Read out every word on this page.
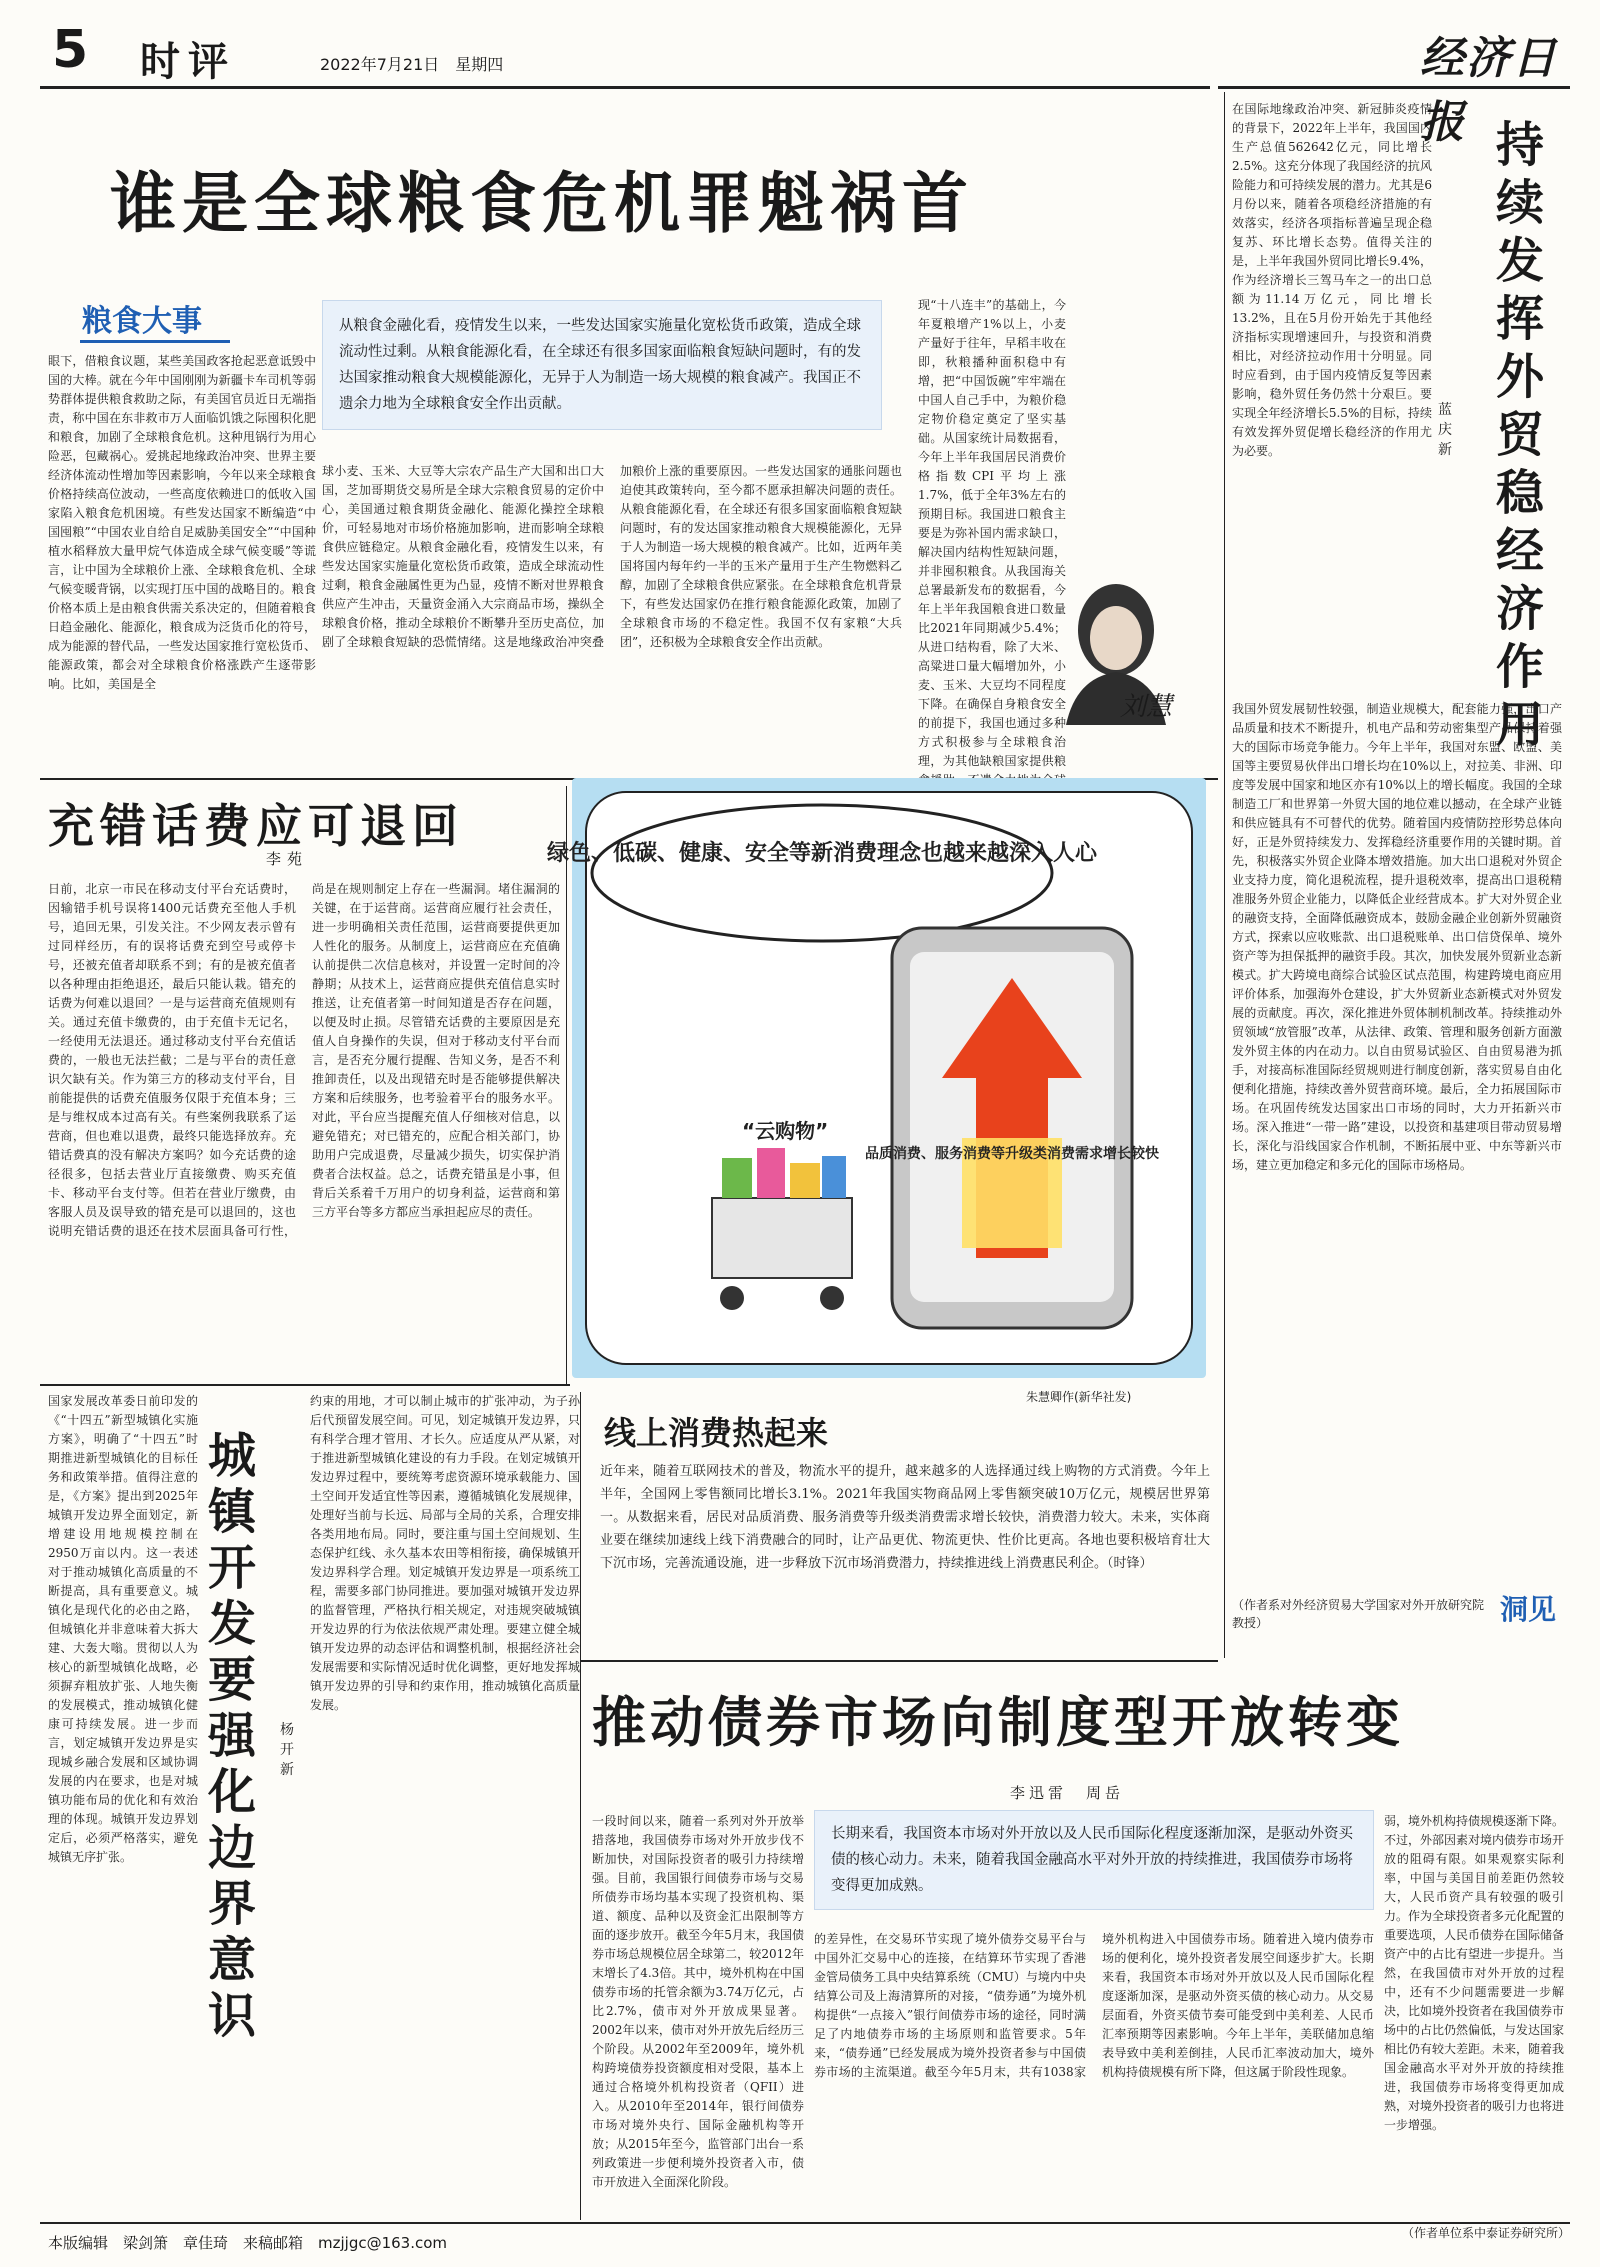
5 时评	2022年7月21日　星期四	经济日报
谁是全球粮食危机罪魁祸首
粮食大事	从粮食金融化看，疫情发生以来，一些发达国家实施量化宽松货币政策，造成全球流动性过剩。从粮食能源化看，在全球还有很多国家面临粮食短缺问题时，有的发达国家推动粮食大规模能源化，无异于人为制造一场大规模的粮食减产。我国正不遗余力地为全球粮食安全作出贡献。
眼下，借粮食议题，某些美国政客抢起恶意诋毁中国的大棒。就在今年中国刚刚为新疆卡车司机等弱势群体提供粮食救助之际，有美国官员近日无端指责，称中国在东非救市万人面临饥饿之际囤积化肥和粮食，加剧了全球粮食危机。这种甩锅行为用心险恶，包藏祸心。爱挑起地缘政治冲突、世界主要经济体流动性增加等因素影响，今年以来全球粮食价格持续高位波动，一些高度依赖进口的低收入国家陷入粮食危机困境。有些发达国家不断编造“中国囤粮”“中国农业自给自足威胁美国安全”“中国种植水稻释放大量甲烷气体造成全球气候变暖”等谎言，让中国为全球粮价上涨、全球粮食危机、全球气候变暖背锅，以实现打压中国的战略目的。粮食价格本质上是由粮食供需关系决定的，但随着粮食日趋金融化、能源化，粮食成为泛货币化的符号，成为能源的替代品，一些发达国家推行宽松货币、能源政策，都会对全球粮食价格涨跌产生逐带影响。比如，美国是全
球小麦、玉米、大豆等大宗农产品生产大国和出口大国，芝加哥期货交易所是全球大宗粮食贸易的定价中心，美国通过粮食期货金融化、能源化操控全球粮价，可轻易地对市场价格施加影响，进而影响全球粮食供应链稳定。从粮食金融化看，疫情发生以来，有些发达国家实施量化宽松货币政策，造成全球流动性过剩，粮食金融属性更为凸显，疫情不断对世界粮食供应产生冲击，天量资金涌入大宗商品市场，操纵全球粮食价格，推动全球粮价不断攀升至历史高位，加剧了全球粮食短缺的恐慌情绪。这是地缘政治冲突叠加粮价上涨的重要原因。一些发达国家的通胀问题也迫使其政策转向，至今都不愿承担解决问题的责任。从粮食能源化看，在全球还有很多国家面临粮食短缺问题时，有的发达国家推动粮食大规模能源化，无异于人为制造一场大规模的粮食减产。比如，近两年美国将国内每年约一半的玉米产量用于生产生物燃料乙醇，加剧了全球粮食供应紧张。在全球粮食危机背景下，有些发达国家仍在推行粮食能源化政策，加剧了全球粮食市场的不稳定性。我国不仅有家粮“大兵团”，还积极为全球粮食安全作出贡献。
现“十八连丰”的基础上，今年夏粮增产1%以上，小麦产量好于往年，早稻丰收在即，秋粮播种面积稳中有增，把“中国饭碗”牢牢端在中国人自己手中，为粮价稳定物价稳定奠定了坚实基础。从国家统计局数据看，今年上半年我国居民消费价格指数CPI平均上涨1.7%，低于全年3%左右的预期目标。我国进口粮食主要是为弥补国内需求缺口，解决国内结构性短缺问题，并非囤积粮食。从我国海关总署最新发布的数据看，今年上半年我国粮食进口数量比2021年同期减少5.4%；从进口结构看，除了大米、高粱进口量大幅增加外，小麦、玉米、大豆均不同程度下降。在确保自身粮食安全的前提下，我国也通过多种方式积极参与全球粮食治理，为其他缺粮国家提供粮
刘慧
充错话费应可退回
李苑
日前，北京一市民在移动支付平台充话费时，因输错手机号误将1400元话费充至他人手机号，追回无果，引发关注。不少网友表示曾有过同样经历，有的误将话费充到空号或停卡号，还被充值者却联系不到；有的是被充值者以各种理由拒绝退还，最后只能认栽。错充的话费为何难以退回？一是与运营商充值规则有关。通过充值卡缴费的，由于充值卡无记名，一经使用无法退还。通过移动支付平台充值话费的，一般也无法拦截；二是与平台的责任意识欠缺有关。作为第三方的移动支付平台，目前能提供的话费充值服务仅限于充值本身；三是与维权成本过高有关。有些案例我联系了运营商，但也难以退费，最终只能选择放弃。充错话费真的没有解决方案吗？如今充话费的途径很多，包括去营业厅直接缴费、购买充值卡、移动平台支付等。但若在营业厅缴费，由客服人员及误导致的错充是可以退回的，这也说明充错话费的退还在技术层面具备可行性，尚是在规则制定上存在一些漏洞。堵住漏洞的关键，在于运营商。运营商应履行社会责任，进一步明确相关责任范围，运营商要提供更加人性化的服务。从制度上，运营商应在充值确认前提供二次信息核对，并设置一定时间的冷静期；从技术上，运营商应提供充值信息实时推送，让充值者第一时间知道是否存在问题，以便及时止损。尽管错充话费的主要原因是充值人自身操作的失误，但对于移动支付平台而言，是否充分履行提醒、告知义务，是否不利推卸责任，以及出现错充时是否能够提供解决方案和后续服务，也考验着平台的服务水平。对此，平台应当提醒充值人仔细核对信息，以避免错充；对已错充的，应配合相关部门，协助用户完成退费，尽量减少损失，切实保护消费者合法权益。总之，话费充错虽是小事，但背后关系着千万用户的切身利益，运营商和第三方平台等多方都应当承担起应尽的责任。
绿色、低碳、健康、安全等新消费理念也越来越深入人心
品质消费、服务消费等升级类消费需求增长较快
“云购物”
朱慧卿作(新华社发)
线上消费热起来
近年来，随着互联网技术的普及，物流水平的提升，越来越多的人选择通过线上购物的方式消费。今年上半年，全国网上零售额同比增长3.1%。2021年我国实物商品网上零售额突破10万亿元，规模居世界第一。从数据来看，居民对品质消费、服务消费等升级类消费需求增长较快，消费潜力较大。未来，实体商业要在继续加速线上线下消费融合的同时，让产品更优、物流更快、性价比更高。各地也要积极培育壮大下沉市场，完善流通设施，进一步释放下沉市场消费潜力，持续推进线上消费惠民利企。（时锋）
城镇开发要强化边界意识
杨开新
国家发展改革委日前印发的《“十四五”新型城镇化实施方案》，明确了“十四五”时期推进新型城镇化的目标任务和政策举措。值得注意的是，《方案》提出到2025年城镇开发边界全面划定，新增建设用地规模控制在2950万亩以内。这一表述对于推动城镇化高质量的不断提高，具有重要意义。城镇化是现代化的必由之路，但城镇化并非意味着大拆大建、大轰大嗡。贯彻以人为核心的新型城镇化战略，必须摒弃粗放扩张、人地失衡的发展模式，推动城镇化健康可持续发展。进一步而言，划定城镇开发边界是实现城乡融合发展和区域协调发展的内在要求，也是对城镇功能布局的优化和有效治理的体现。城镇开发边界划定后，必须严格落实，避免城镇无序扩张。
约束的用地，才可以制止城市的扩张冲动，为子孙后代预留发展空间。可见，划定城镇开发边界，只有科学合理才管用、才长久。应适度从严从紧，对于推进新型城镇化建设的有力手段。在划定城镇开发边界过程中，要统筹考虑资源环境承载能力、国土空间开发适宜性等因素，遵循城镇化发展规律，处理好当前与长远、局部与全局的关系，合理安排各类用地布局。同时，要注重与国土空间规划、生态保护红线、永久基本农田等相衔接，确保城镇开发边界科学合理。划定城镇开发边界是一项系统工程，需要多部门协同推进。要加强对城镇开发边界的监督管理，严格执行相关规定，对违规突破城镇开发边界的行为依法依规严肃处理。要建立健全城镇开发边界的动态评估和调整机制，根据经济社会发展需要和实际情况适时优化调整，更好地发挥城镇开发边界的引导和约束作用，推动城镇化高质量发展。
持续发挥外贸稳经济作用
蓝庆新
在国际地缘政治冲突、新冠肺炎疫情的背景下，2022年上半年，我国国内生产总值562642亿元，同比增长2.5%。这充分体现了我国经济的抗风险能力和可持续发展的潜力。尤其是6月份以来，随着各项稳经济措施的有效落实，经济各项指标普遍呈现企稳复苏、环比增长态势。值得关注的是，上半年我国外贸同比增长9.4%，作为经济增长三驾马车之一的出口总额为11.14万亿元，同比增长13.2%，且在5月份开始先于其他经济指标实现增速回升，与投资和消费相比，对经济拉动作用十分明显。同时应看到，由于国内疫情反复等因素影响，稳外贸任务仍然十分艰巨。要实现全年经济增长5.5%的目标，持续有效发挥外贸促增长稳经济的作用尤为必要。
我国外贸发展韧性较强，制造业规模大，配套能力强，出口产品质量和技术不断提升，机电产品和劳动密集型产品保持着强大的国际市场竞争能力。今年上半年，我国对东盟、欧盟、美国等主要贸易伙伴出口增长均在10%以上，对拉美、非洲、印度等发展中国家和地区亦有10%以上的增长幅度。我国的全球制造工厂和世界第一外贸大国的地位难以撼动，在全球产业链和供应链具有不可替代的优势。随着国内疫情防控形势总体向好，正是外贸持续发力、发挥稳经济重要作用的关键时期。首先，积极落实外贸企业降本增效措施。加大出口退税对外贸企业支持力度，简化退税流程，提升退税效率，提高出口退税精准服务外贸企业能力，以降低企业经营成本。扩大对外贸企业的融资支持，全面降低融资成本，鼓励金融企业创新外贸融资方式，探索以应收账款、出口退税账单、出口信贷保单、境外资产等为担保抵押的融资手段。其次，加快发展外贸新业态新模式。扩大跨境电商综合试验区试点范围，构建跨境电商应用评价体系，加强海外仓建设，扩大外贸新业态新模式对外贸发展的贡献度。再次，深化推进外贸体制机制改革。持续推动外贸领域“放管服”改革，从法律、政策、管理和服务创新方面激发外贸主体的内在动力。以自由贸易试验区、自由贸易港为抓手，对接高标准国际经贸规则进行制度创新，落实贸易自由化便利化措施，持续改善外贸营商环境。最后，全力拓展国际市场。在巩固传统发达国家出口市场的同时，大力开拓新兴市场。深入推进“一带一路”建设，以投资和基建项目带动贸易增长，深化与沿线国家合作机制，不断拓展中亚、中东等新兴市场，建立更加稳定和多元化的国际市场格局。
（作者系对外经济贸易大学国家对外开放研究院教授）	洞见
推动债券市场向制度型开放转变
李迅雷　周岳
长期来看，我国资本市场对外开放以及人民币国际化程度逐渐加深，是驱动外资买债的核心动力。未来，随着我国金融高水平对外开放的持续推进，我国债券市场将变得更加成熟。
一段时间以来，随着一系列对外开放举措落地，我国债券市场对外开放步伐不断加快，对国际投资者的吸引力持续增强。目前，我国银行间债券市场与交易所债券市场均基本实现了投资机构、渠道、额度、品种以及资金汇出限制等方面的逐步放开。截至今年5月末，我国债券市场总规模位居全球第二，较2012年末增长了4.3倍。其中，境外机构在中国债券市场的托管余额为3.74万亿元，占比2.7%，债市对外开放成果显著。2002年以来，债市对外开放先后经历三个阶段。从2002年至2009年，境外机构跨境债券投资额度相对受限，基本上通过合格境外机构投资者（QFII）进入。从2010年至2014年，银行间债券市场对境外央行、国际金融机构等开放；从2015年至今，监管部门出台一系列政策进一步便利境外投资者入市，债市开放进入全面深化阶段。
的差异性，在交易环节实现了境外债券交易平台与中国外汇交易中心的连接，在结算环节实现了香港金管局债务工具中央结算系统（CMU）与境内中央结算公司及上海清算所的对接，“债券通”为境外机构提供“一点接入”银行间债券市场的途径，同时满足了内地债券市场的主场原则和监管要求。5年来，“债券通”已经发展成为境外投资者参与中国债券市场的主流渠道。截至今年5月末，共有1038家境外机构进入中国债券市场。随着进入境内债券市场的便利化，境外投资者发展空间逐步扩大。长期来看，我国资本市场对外开放以及人民币国际化程度逐渐加深，是驱动外资买债的核心动力。从交易层面看，外资买债节奏可能受到中美利差、人民币汇率预期等因素影响。今年上半年，美联储加息缩表导致中美利差倒挂，人民币汇率波动加大，境外机构持债规模有所下降，但这属于阶段性现象。
弱，境外机构持债规模逐渐下降。不过，外部因素对境内债券市场开放的阻碍有限。如果观察实际利率，中国与美国目前差距仍然较大，人民币资产具有较强的吸引力。作为全球投资者多元化配置的重要选项，人民币债券在国际储备资产中的占比有望进一步提升。当然，在我国债市对外开放的过程中，还有不少问题需要进一步解决，比如境外投资者在我国债券市场中的占比仍然偏低，与发达国家相比仍有较大差距。未来，随着我国金融高水平对外开放的持续推进，我国债券市场将变得更加成熟，对境外投资者的吸引力也将进一步增强。
（作者单位系中泰证券研究所）
本版编辑　梁剑箫　章佳琦　来稿邮箱　mzjjgc@163.com
